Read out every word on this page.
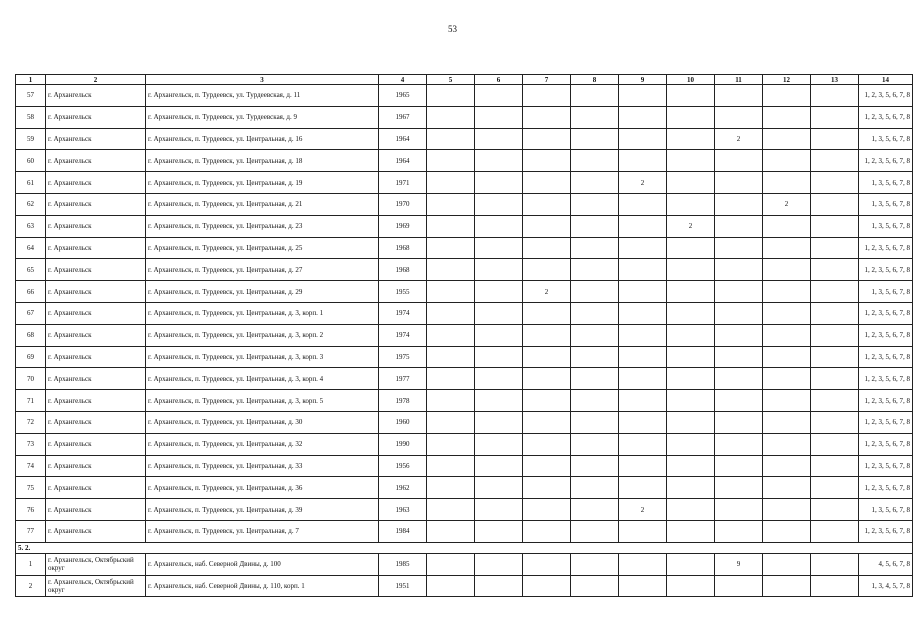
53
1	2	3	4	5	6	7	8	9	10	11	12	13	14
57	г. Архангельск	г. Архангельск, п. Турдеевск, ул. Турдеевская, д. 11	1965										1, 2, 3, 5, 6, 7, 8
58	г. Архангельск	г. Архангельск, п. Турдеевск, ул. Турдеевская, д. 9	1967										1, 2, 3, 5, 6, 7, 8
59	г. Архангельск	г. Архангельск, п. Турдеевск, ул. Центральная, д. 16	1964							2			1, 3, 5, 6, 7, 8
60	г. Архангельск	г. Архангельск, п. Турдеевск, ул. Центральная, д. 18	1964										1, 2, 3, 5, 6, 7, 8
61	г. Архангельск	г. Архангельск, п. Турдеевск, ул. Центральная, д. 19	1971					2					1, 3, 5, 6, 7, 8
62	г. Архангельск	г. Архангельск, п. Турдеевск, ул. Центральная, д. 21	1970								2		1, 3, 5, 6, 7, 8
63	г. Архангельск	г. Архангельск, п. Турдеевск, ул. Центральная, д. 23	1969						2				1, 3, 5, 6, 7, 8
64	г. Архангельск	г. Архангельск, п. Турдеевск, ул. Центральная, д. 25	1968										1, 2, 3, 5, 6, 7, 8
65	г. Архангельск	г. Архангельск, п. Турдеевск, ул. Центральная, д. 27	1968										1, 2, 3, 5, 6, 7, 8
66	г. Архангельск	г. Архангельск, п. Турдеевск, ул. Центральная, д. 29	1955			2							1, 3, 5, 6, 7, 8
67	г. Архангельск	г. Архангельск, п. Турдеевск, ул. Центральная, д. 3, корп. 1	1974										1, 2, 3, 5, 6, 7, 8
68	г. Архангельск	г. Архангельск, п. Турдеевск, ул. Центральная, д. 3, корп. 2	1974										1, 2, 3, 5, 6, 7, 8
69	г. Архангельск	г. Архангельск, п. Турдеевск, ул. Центральная, д. 3, корп. 3	1975										1, 2, 3, 5, 6, 7, 8
70	г. Архангельск	г. Архангельск, п. Турдеевск, ул. Центральная, д. 3, корп. 4	1977										1, 2, 3, 5, 6, 7, 8
71	г. Архангельск	г. Архангельск, п. Турдеевск, ул. Центральная, д. 3, корп. 5	1978										1, 2, 3, 5, 6, 7, 8
72	г. Архангельск	г. Архангельск, п. Турдеевск, ул. Центральная, д. 30	1960										1, 2, 3, 5, 6, 7, 8
73	г. Архангельск	г. Архангельск, п. Турдеевск, ул. Центральная, д. 32	1990										1, 2, 3, 5, 6, 7, 8
74	г. Архангельск	г. Архангельск, п. Турдеевск, ул. Центральная, д. 33	1956										1, 2, 3, 5, 6, 7, 8
75	г. Архангельск	г. Архангельск, п. Турдеевск, ул. Центральная, д. 36	1962										1, 2, 3, 5, 6, 7, 8
76	г. Архангельск	г. Архангельск, п. Турдеевск, ул. Центральная, д. 39	1963					2					1, 3, 5, 6, 7, 8
77	г. Архангельск	г. Архангельск, п. Турдеевск, ул. Центральная, д. 7	1984										1, 2, 3, 5, 6, 7, 8
5. 2.													
1	г. Архангельск, Октябрьский округ	г. Архангельск, наб. Северной Двины, д. 100	1985							9			4, 5, 6, 7, 8
2	г. Архангельск, Октябрьский округ	г. Архангельск, наб. Северной Двины, д. 110, корп. 1	1951										1, 3, 4, 5, 7, 8
